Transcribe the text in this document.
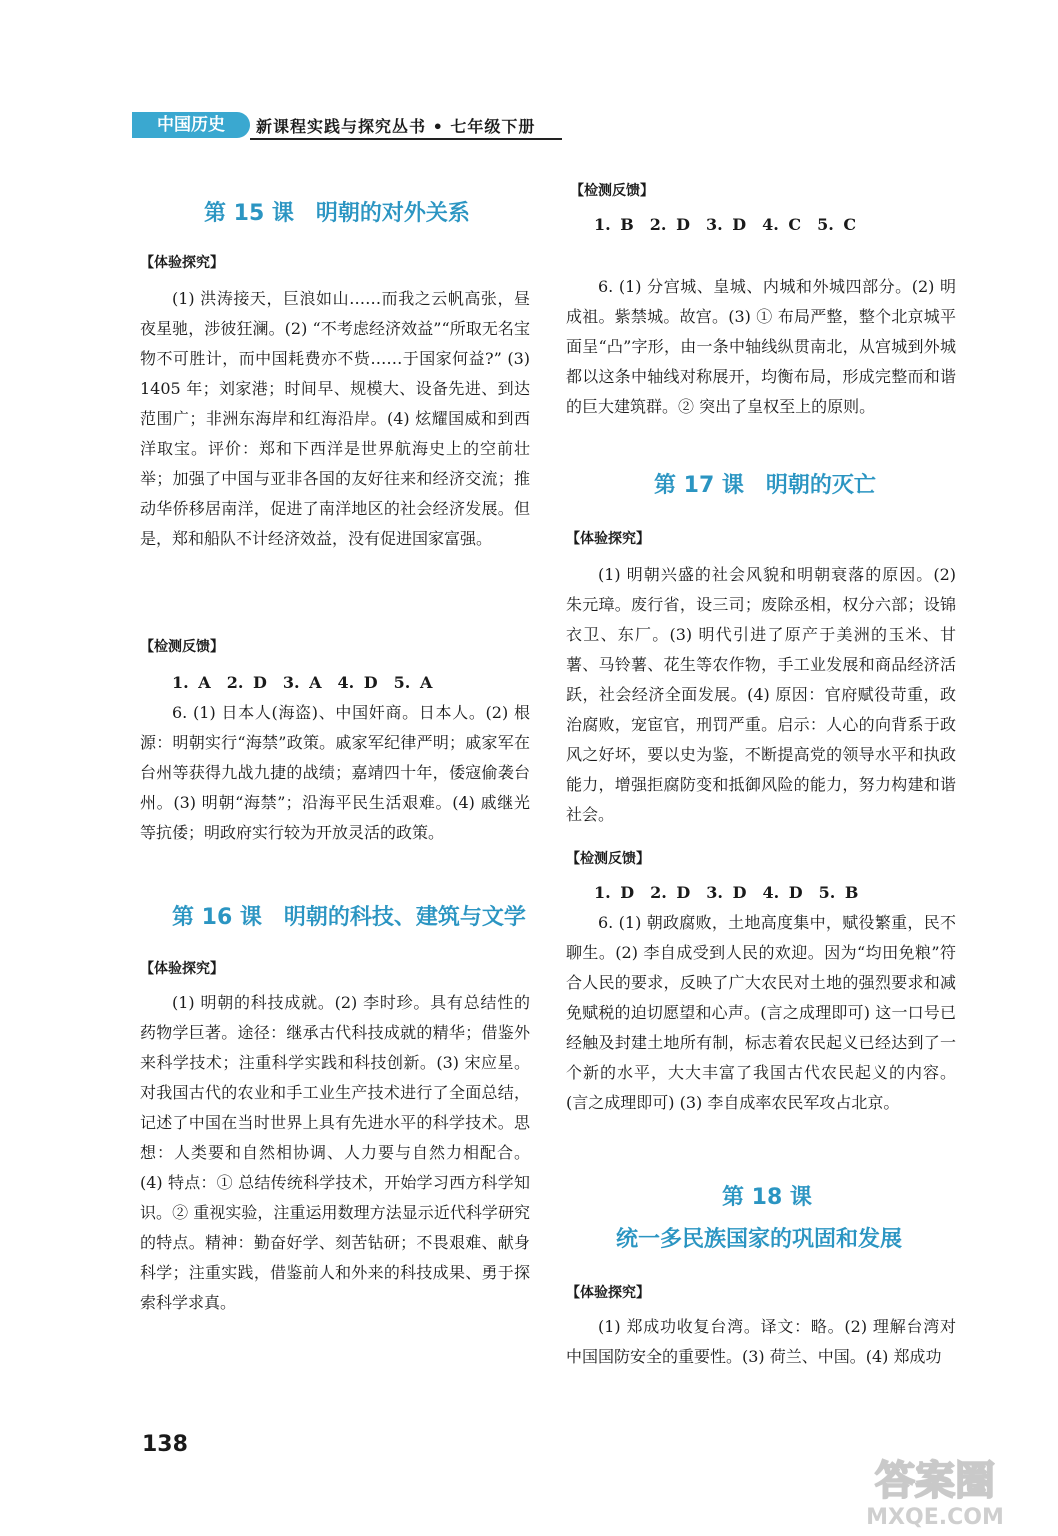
中国历史	新课程实践与探究丛书 • 七年级下册
第 15 课　明朝的对外关系
【体验探究】
(1) 洪涛接天，巨浪如山……而我之云帆高张，昼夜星驰，涉彼狂澜。(2) “不考虑经济效益”“所取无名宝物不可胜计，而中国耗费亦不赀……于国家何益?” (3) 1405 年；刘家港；时间早、规模大、设备先进、到达范围广；非洲东海岸和红海沿岸。(4) 炫耀国威和到西洋取宝。评价：郑和下西洋是世界航海史上的空前壮举；加强了中国与亚非各国的友好往来和经济交流；推动华侨移居南洋，促进了南洋地区的社会经济发展。但是，郑和船队不计经济效益，没有促进国家富强。
【检测反馈】
1. A　2. D　3. A　4. D　5. A
6. (1) 日本人(海盗)、中国奸商。日本人。(2) 根源：明朝实行“海禁”政策。戚家军纪律严明；戚家军在台州等获得九战九捷的战绩；嘉靖四十年，倭寇偷袭台州。(3) 明朝“海禁”；沿海平民生活艰难。(4) 戚继光等抗倭；明政府实行较为开放灵活的政策。
第 16 课　明朝的科技、建筑与文学
【体验探究】
(1) 明朝的科技成就。(2) 李时珍。具有总结性的药物学巨著。途径：继承古代科技成就的精华；借鉴外来科学技术；注重科学实践和科技创新。(3) 宋应星。对我国古代的农业和手工业生产技术进行了全面总结，记述了中国在当时世界上具有先进水平的科学技术。思想：人类要和自然相协调、人力要与自然力相配合。(4) 特点：① 总结传统科学技术，开始学习西方科学知识。② 重视实验，注重运用数理方法显示近代科学研究的特点。精神：勤奋好学、刻苦钻研；不畏艰难、献身科学；注重实践，借鉴前人和外来的科技成果、勇于探索科学求真。
【检测反馈】
1. B　2. D　3. D　4. C　5. C
6. (1) 分宫城、皇城、内城和外城四部分。(2) 明成祖。紫禁城。故宫。(3) ① 布局严整，整个北京城平面呈“凸”字形，由一条中轴线纵贯南北，从宫城到外城都以这条中轴线对称展开，均衡布局，形成完整而和谐的巨大建筑群。② 突出了皇权至上的原则。
第 17 课　明朝的灭亡
【体验探究】
(1) 明朝兴盛的社会风貌和明朝衰落的原因。(2) 朱元璋。废行省，设三司；废除丞相，权分六部；设锦衣卫、东厂。(3) 明代引进了原产于美洲的玉米、甘薯、马铃薯、花生等农作物，手工业发展和商品经济活跃，社会经济全面发展。(4) 原因：官府赋役苛重，政治腐败，宠宦官，刑罚严重。启示：人心的向背系于政风之好坏，要以史为鉴，不断提高党的领导水平和执政能力，增强拒腐防变和抵御风险的能力，努力构建和谐社会。
【检测反馈】
1. D　2. D　3. D　4. D　5. B
6. (1) 朝政腐败，土地高度集中，赋役繁重，民不聊生。(2) 李自成受到人民的欢迎。因为“均田免粮”符合人民的要求，反映了广大农民对土地的强烈要求和减免赋税的迫切愿望和心声。(言之成理即可) 这一口号已经触及封建土地所有制，标志着农民起义已经达到了一个新的水平，大大丰富了我国古代农民起义的内容。(言之成理即可) (3) 李自成率农民军攻占北京。
第 18 课
统一多民族国家的巩固和发展
【体验探究】
(1) 郑成功收复台湾。译文：略。(2) 理解台湾对中国国防安全的重要性。(3) 荷兰、中国。(4) 郑成功
138
答案圈
MXQE.COM
